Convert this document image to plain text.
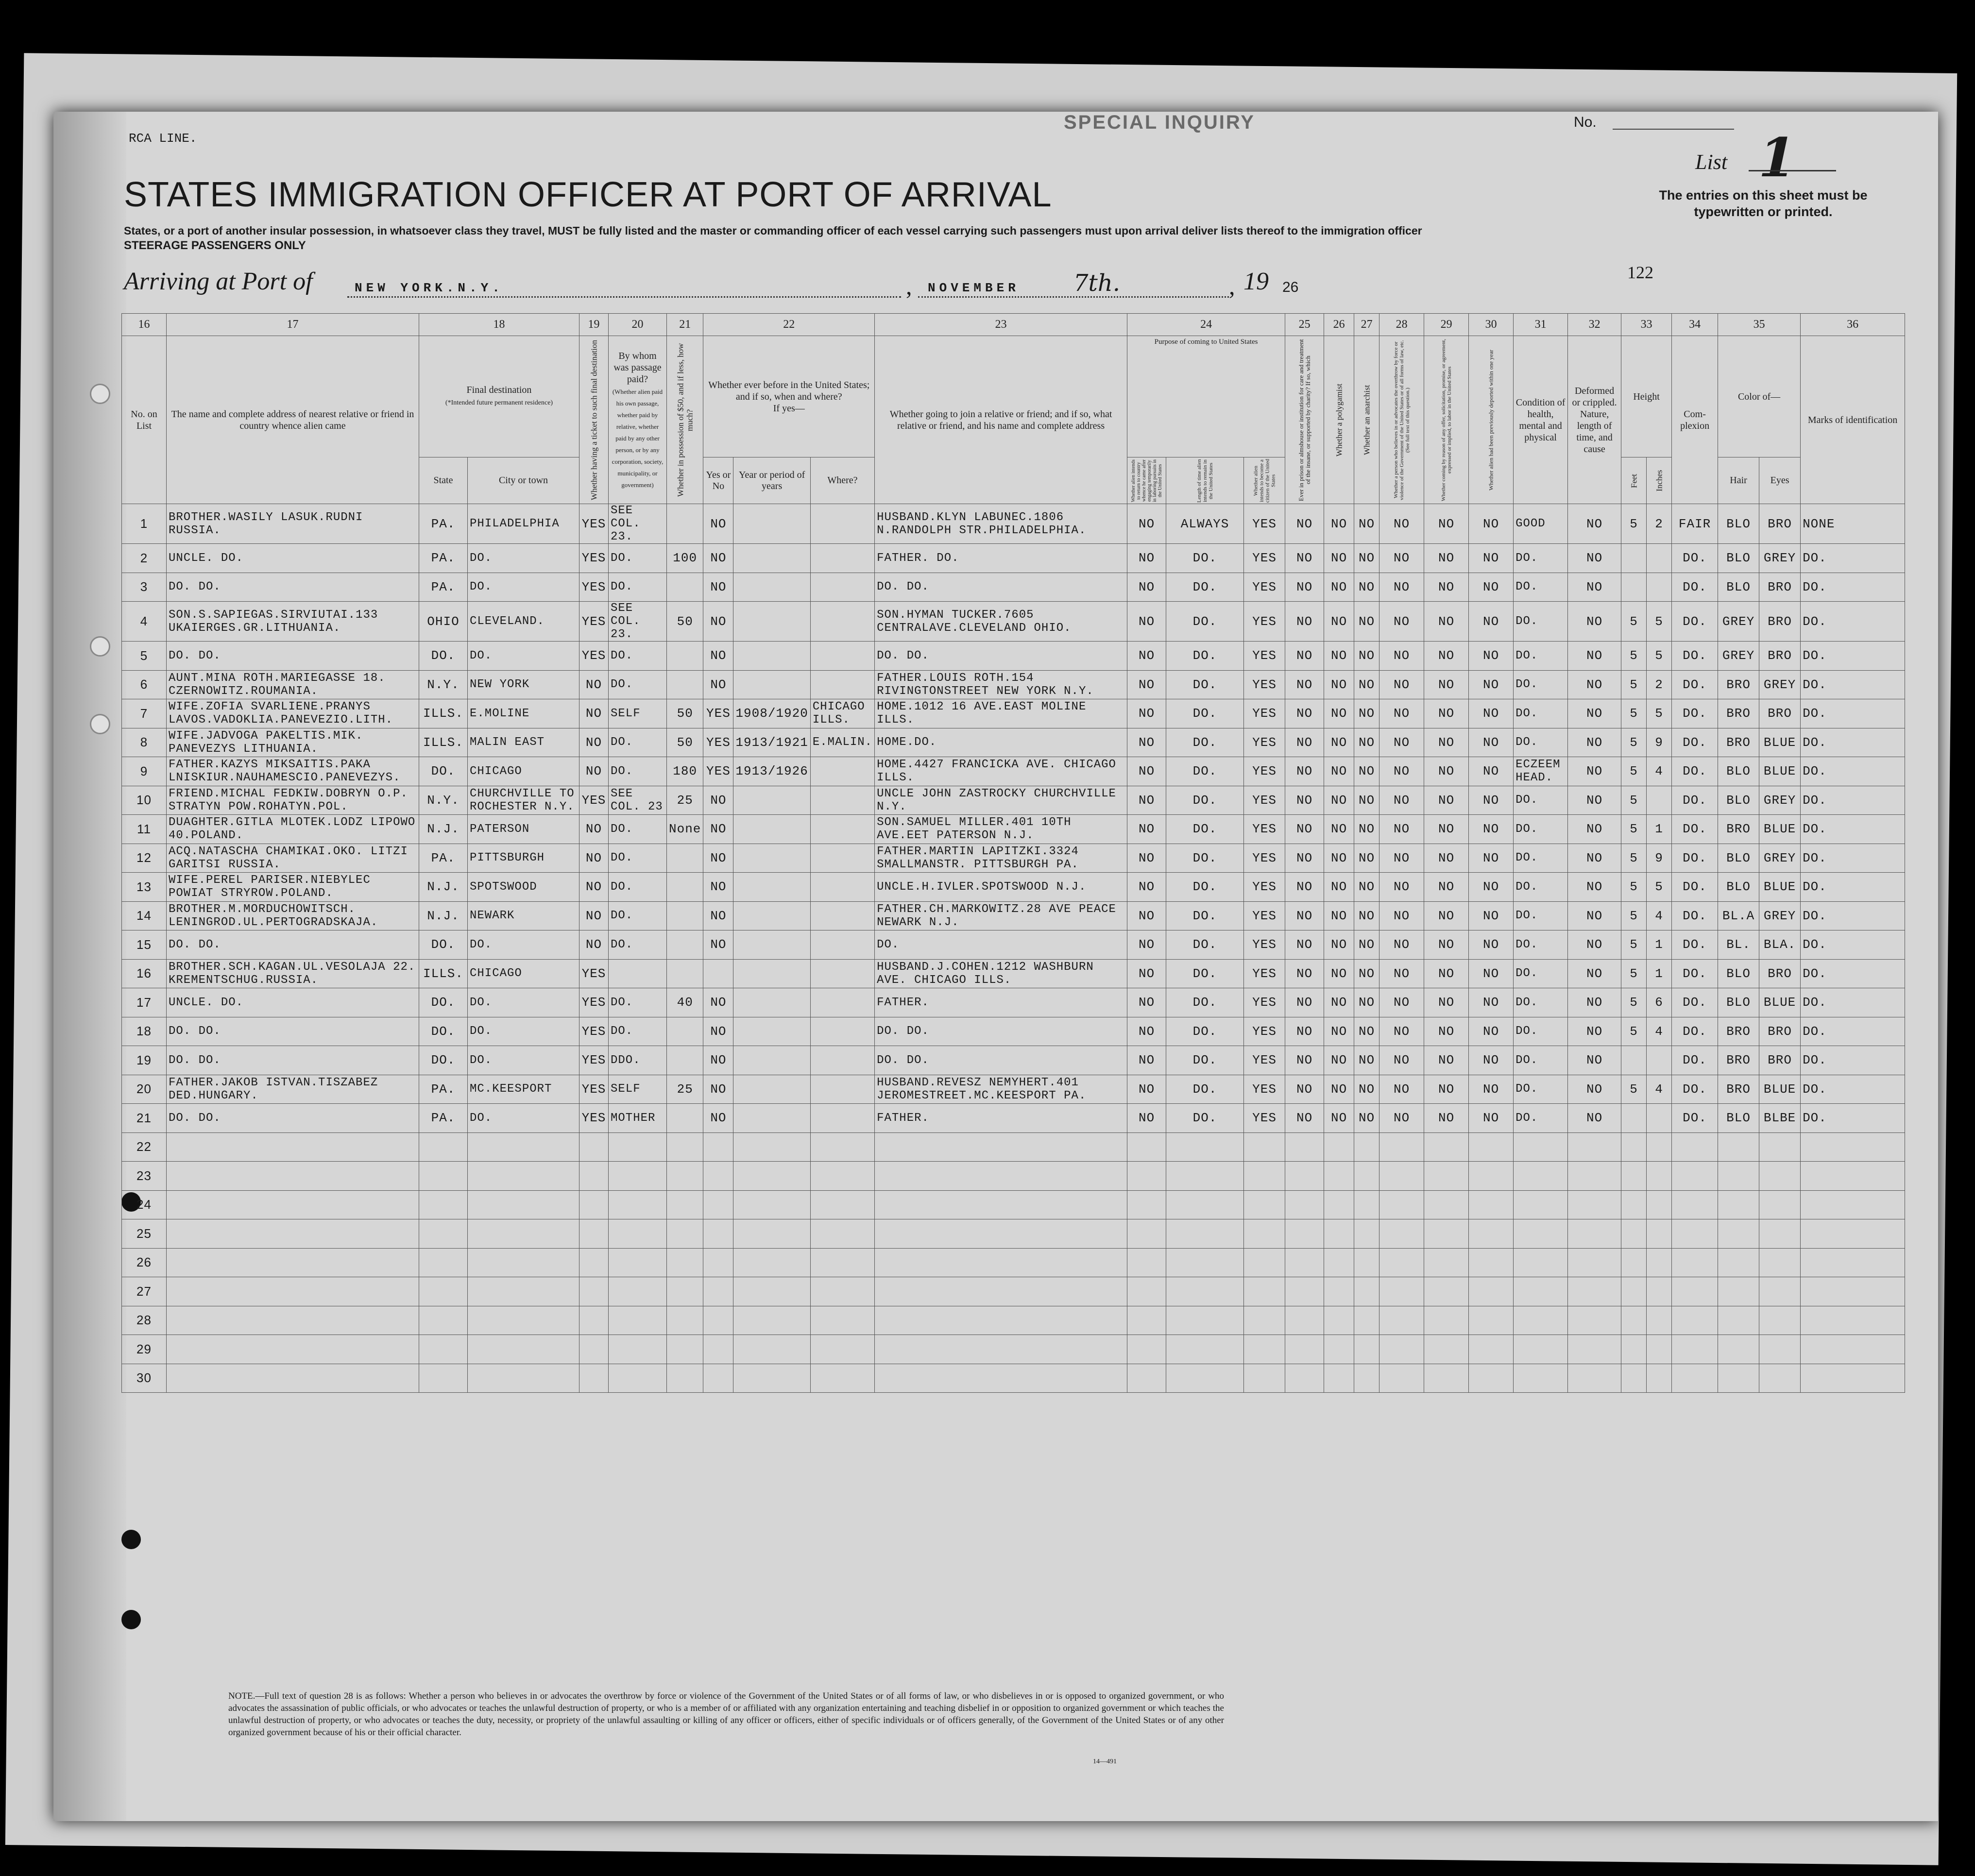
RCA LINE.
SPECIAL INQUIRY	No.
List 1
The entries on this sheet must be typewritten or printed.
STATES IMMIGRATION OFFICER AT PORT OF ARRIVAL
States, or a port of another insular possession, in whatsoever class they travel, MUST be fully listed and the master or commanding officer of each vessel carrying such passengers must upon arrival deliver lists thereof to the immigration officer
STEERAGE PASSENGERS ONLY
122
Arriving at Port of	NEW YORK.N.Y.	, NOVEMBER 7th.	, 19 26
16	17	18		19	20	21	22			23	24			25	26	27	28	29	30	31	32	33		34	35		36
No. on List	The name and complete address of nearest relative or friend in country whence alien came	Final destination
(*Intended future permanent residence)		Whether having a ticket to such final destination	By whom was passage paid?
(Whether alien paid his own passage, whether paid by relative, whether paid by any other person, or by any corporation, society, municipality, or government)	Whether in possession of $50, and if less, how much?	Whether ever before in the United States; and if so, when and where?
If yes—			Whether going to join a relative or friend; and if so, what relative or friend, and his name and complete address	Purpose of coming to United States			Ever in prison or almshouse or institution for care and treatment of the insane, or supported by charity? If so, which	Whether a polygamist	Whether an anarchist	Whether a person who believes in or advocates the overthrow by force or violence of the Government of the United States or of all forms of law, etc. (See full text of this question.)	Whether coming by reason of any offer, solicitation, promise, or agreement, expressed or implied, to labor in the United States	Whether alien had been previously deported within one year	Condition of health, mental and physical	Deformed or crippled. Nature, length of time, and cause	Height		Com-plexion	Color of—		Marks of identification
		State	City or town				Yes or No	Year or period of years	Where?		Whether alien intends to return to country whence he came after engaging temporarily in laboring pursuits in the United States	Length of time alien intends to remain in the United States	Whether alien intends to become a citizen of the United States									Feet	Inches		Hair	Eyes	
1	BROTHER.WASILY LASUK.RUDNI RUSSIA.	PA.	PHILADELPHIA	YES	SEE COL. 23.		NO			HUSBAND.KLYN LABUNEC.1806 N.RANDOLPH STR.PHILADELPHIA.	NO	ALWAYS	YES	NO	NO	NO	NO	NO	NO	GOOD	NO	5	2	FAIR	BLO	BRO	NONE
2	UNCLE. DO.	PA.	DO.	YES	DO.	100	NO			FATHER. DO.	NO	DO.	YES	NO	NO	NO	NO	NO	NO	DO.	NO			DO.	BLO	GREY	DO.
3	DO. DO.	PA.	DO.	YES	DO.		NO			DO. DO.	NO	DO.	YES	NO	NO	NO	NO	NO	NO	DO.	NO			DO.	BLO	BRO	DO.
4	SON.S.SAPIEGAS.SIRVIUTAI.133 UKAIERGES.GR.LITHUANIA.	OHIO	CLEVELAND.	YES	SEE COL. 23.	50	NO			SON.HYMAN TUCKER.7605 CENTRALAVE.CLEVELAND OHIO.	NO	DO.	YES	NO	NO	NO	NO	NO	NO	DO.	NO	5	5	DO.	GREY	BRO	DO.
5	DO. DO.	DO.	DO.	YES	DO.		NO			DO. DO.	NO	DO.	YES	NO	NO	NO	NO	NO	NO	DO.	NO	5	5	DO.	GREY	BRO	DO.
6	AUNT.MINA ROTH.MARIEGASSE 18. CZERNOWITZ.ROUMANIA.	N.Y.	NEW YORK	NO	DO.		NO			FATHER.LOUIS ROTH.154 RIVINGTONSTREET NEW YORK N.Y.	NO	DO.	YES	NO	NO	NO	NO	NO	NO	DO.	NO	5	2	DO.	BRO	GREY	DO.
7	WIFE.ZOFIA SVARLIENE.PRANYS LAVOS.VADOKLIA.PANEVEZIO.LITH.	ILLS.	E.MOLINE	NO	SELF	50	YES	1908/1920	CHICAGO ILLS.	HOME.1012 16 AVE.EAST MOLINE ILLS.	NO	DO.	YES	NO	NO	NO	NO	NO	NO	DO.	NO	5	5	DO.	BRO	BRO	DO.
8	WIFE.JADVOGA PAKELTIS.MIK. PANEVEZYS LITHUANIA.	ILLS.	MALIN EAST	NO	DO.	50	YES	1913/1921	E.MALIN.	HOME.DO.	NO	DO.	YES	NO	NO	NO	NO	NO	NO	DO.	NO	5	9	DO.	BRO	BLUE	DO.
9	FATHER.KAZYS MIKSAITIS.PAKA LNISKIUR.NAUHAMESCIO.PANEVEZYS.	DO.	CHICAGO	NO	DO.	180	YES	1913/1926		HOME.4427 FRANCICKA AVE. CHICAGO ILLS.	NO	DO.	YES	NO	NO	NO	NO	NO	NO	ECZEEM HEAD.	NO	5	4	DO.	BLO	BLUE	DO.
10	FRIEND.MICHAL FEDKIW.DOBRYN O.P. STRATYN POW.ROHATYN.POL.	N.Y.	CHURCHVILLE TO ROCHESTER N.Y.	YES	SEE COL. 23	25	NO			UNCLE JOHN ZASTROCKY CHURCHVILLE N.Y.	NO	DO.	YES	NO	NO	NO	NO	NO	NO	DO.	NO	5		DO.	BLO	GREY	DO.
11	DUAGHTER.GITLA MLOTEK.LODZ LIPOWO 40.POLAND.	N.J.	PATERSON	NO	DO.	None	NO			SON.SAMUEL MILLER.401 10TH AVE.EET PATERSON N.J.	NO	DO.	YES	NO	NO	NO	NO	NO	NO	DO.	NO	5	1	DO.	BRO	BLUE	DO.
12	ACQ.NATASCHA CHAMIKAI.OKO. LITZI GARITSI RUSSIA.	PA.	PITTSBURGH	NO	DO.		NO			FATHER.MARTIN LAPITZKI.3324 SMALLMANSTR. PITTSBURGH PA.	NO	DO.	YES	NO	NO	NO	NO	NO	NO	DO.	NO	5	9	DO.	BLO	GREY	DO.
13	WIFE.PEREL PARISER.NIEBYLEC POWIAT STRYROW.POLAND.	N.J.	SPOTSWOOD	NO	DO.		NO			UNCLE.H.IVLER.SPOTSWOOD N.J.	NO	DO.	YES	NO	NO	NO	NO	NO	NO	DO.	NO	5	5	DO.	BLO	BLUE	DO.
14	BROTHER.M.MORDUCHOWITSCH. LENINGROD.UL.PERTOGRADSKAJA.	N.J.	NEWARK	NO	DO.		NO			FATHER.CH.MARKOWITZ.28 AVE PEACE NEWARK N.J.	NO	DO.	YES	NO	NO	NO	NO	NO	NO	DO.	NO	5	4	DO.	BL.A	GREY	DO.
15	DO. DO.	DO.	DO.	NO	DO.		NO			DO.	NO	DO.	YES	NO	NO	NO	NO	NO	NO	DO.	NO	5	1	DO.	BL.	BLA.	DO.
16	BROTHER.SCH.KAGAN.UL.VESOLAJA 22. KREMENTSCHUG.RUSSIA.	ILLS.	CHICAGO	YES						HUSBAND.J.COHEN.1212 WASHBURN AVE. CHICAGO ILLS.	NO	DO.	YES	NO	NO	NO	NO	NO	NO	DO.	NO	5	1	DO.	BLO	BRO	DO.
17	UNCLE. DO.	DO.	DO.	YES	DO.	40	NO			FATHER.	NO	DO.	YES	NO	NO	NO	NO	NO	NO	DO.	NO	5	6	DO.	BLO	BLUE	DO.
18	DO. DO.	DO.	DO.	YES	DO.		NO			DO. DO.	NO	DO.	YES	NO	NO	NO	NO	NO	NO	DO.	NO	5	4	DO.	BRO	BRO	DO.
19	DO. DO.	DO.	DO.	YES	DDO.		NO			DO. DO.	NO	DO.	YES	NO	NO	NO	NO	NO	NO	DO.	NO			DO.	BRO	BRO	DO.
20	FATHER.JAKOB ISTVAN.TISZABEZ DED.HUNGARY.	PA.	MC.KEESPORT	YES	SELF	25	NO			HUSBAND.REVESZ NEMYHERT.401 JEROMESTREET.MC.KEESPORT PA.	NO	DO.	YES	NO	NO	NO	NO	NO	NO	DO.	NO	5	4	DO.	BRO	BLUE	DO.
21	DO. DO.	PA.	DO.	YES	MOTHER		NO			FATHER.	NO	DO.	YES	NO	NO	NO	NO	NO	NO	DO.	NO			DO.	BLO	BLBE	DO.
22																											
23																											
24																											
25																											
26																											
27																											
28																											
29																											
30																											
NOTE.—Full text of question 28 is as follows: Whether a person who believes in or advocates the overthrow by force or violence of the Government of the United States or of all forms of law, or who disbelieves in or is opposed to organized government, or who advocates the assassination of public officials, or who advocates or teaches the unlawful destruction of property, or who is a member of or affiliated with any organization entertaining and teaching disbelief in or opposition to organized government or which teaches the unlawful destruction of property, or who advocates or teaches the duty, necessity, or propriety of the unlawful assaulting or killing of any officer or officers, either of specific individuals or of officers generally, of the Government of the United States or of any other organized government because of his or their official character.
14—491
